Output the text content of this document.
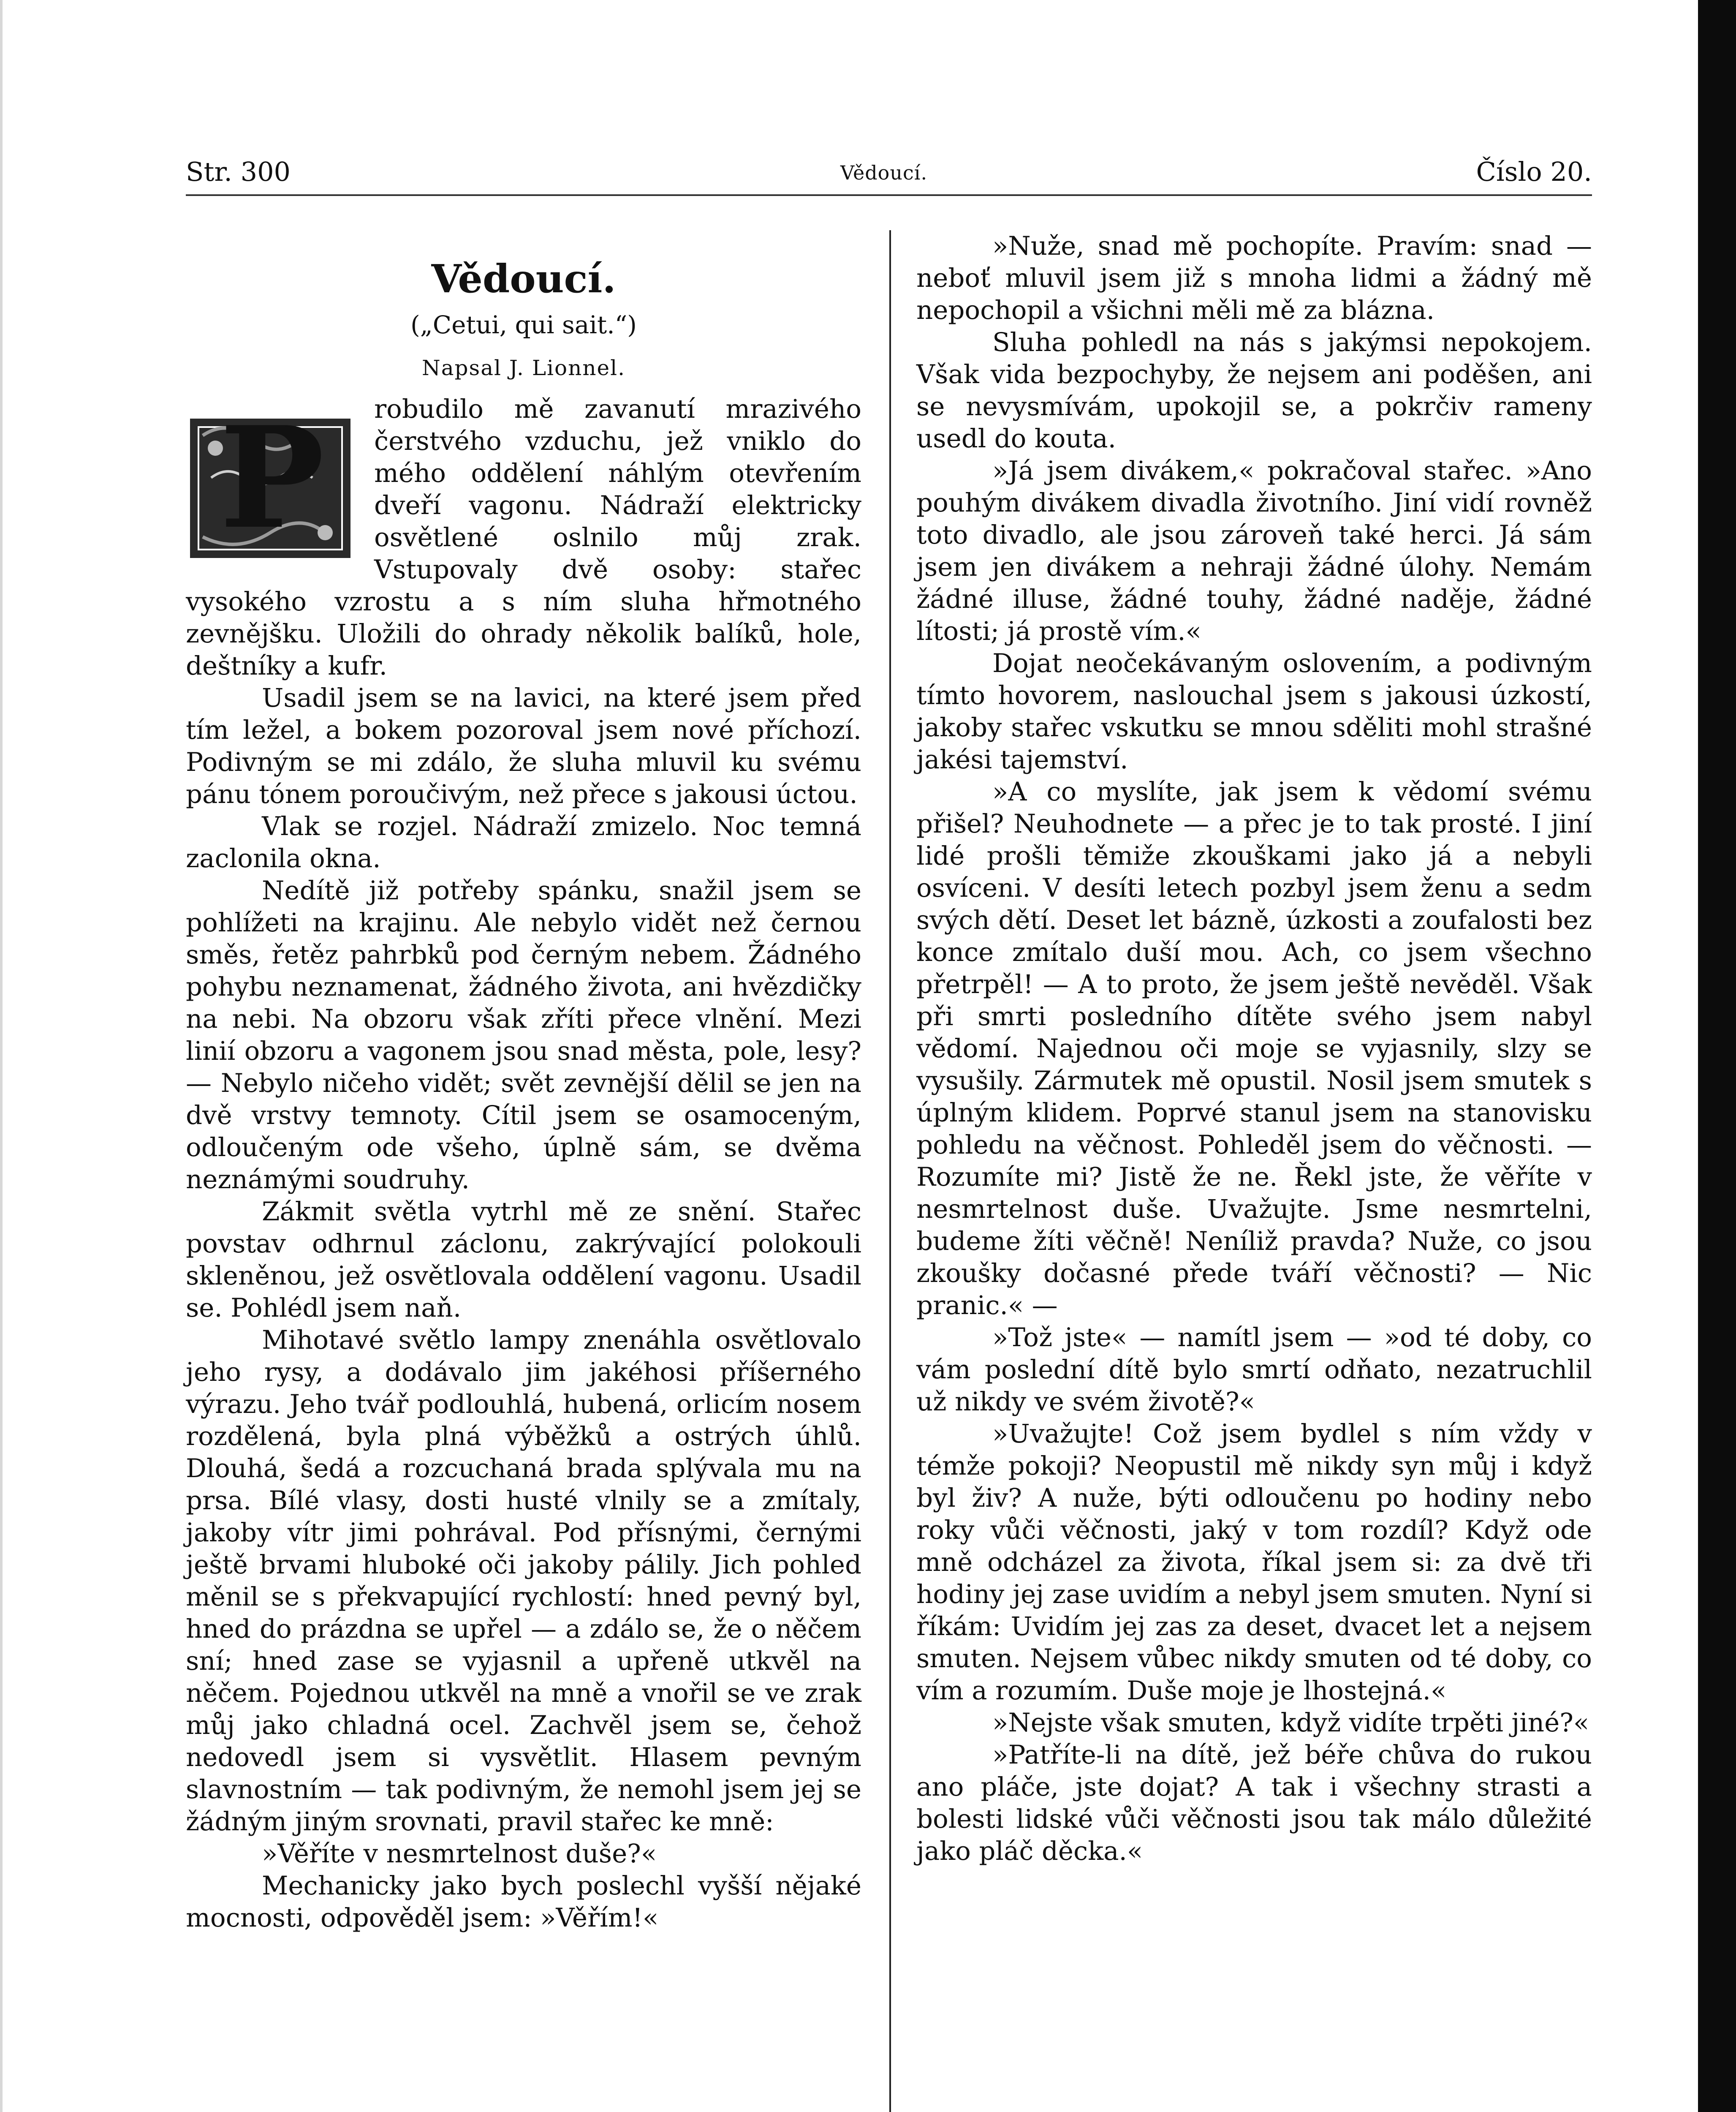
Str. 300	Vědoucí.	Číslo 20.
Vědoucí.
(„Cetui, qui sait.“)
Napsal J. Lionnel.

P robudilo mě zavanutí mrazivého čerstvého vzduchu, jež vniklo do mého oddělení náhlým otevřením dveří vagonu. Nádraží elektricky osvětlené oslnilo můj zrak. Vstupovaly dvě osoby: stařec vysokého vzrostu a s ním sluha hřmotného zevnějšku. Uložili do ohrady několik balíků, hole, deštníky a kufr.

Usadil jsem se na lavici, na které jsem před tím ležel, a bokem pozoroval jsem nové příchozí. Podivným se mi zdálo, že sluha mluvil ku svému pánu tónem poroučivým, než přece s jakousi úctou.

Vlak se rozjel. Nádraží zmizelo. Noc temná zaclonila okna.

Nedítě již potřeby spánku, snažil jsem se pohlížeti na krajinu. Ale nebylo vidět než černou směs, řetěz pahrbků pod černým nebem. Žádného pohybu neznamenat, žádného života, ani hvězdičky na nebi. Na obzoru však zříti přece vlnění. Mezi linií obzoru a vagonem jsou snad města, pole, lesy? — Nebylo ničeho vidět; svět zevnější dělil se jen na dvě vrstvy temnoty. Cítil jsem se osamoceným, odloučeným ode všeho, úplně sám, se dvěma neznámými soudruhy.

Zákmit světla vytrhl mě ze snění. Stařec povstav odhrnul záclonu, zakrývající polokouli skleněnou, jež osvětlovala oddělení vagonu. Usadil se. Pohlédl jsem naň.

Mihotavé světlo lampy znenáhla osvětlovalo jeho rysy, a dodávalo jim jakéhosi příšerného výrazu. Jeho tvář podlouhlá, hubená, orlicím nosem rozdělená, byla plná výběžků a ostrých úhlů. Dlouhá, šedá a rozcuchaná brada splývala mu na prsa. Bílé vlasy, dosti husté vlnily se a zmítaly, jakoby vítr jimi pohrával. Pod přísnými, černými ještě brvami hluboké oči jakoby pálily. Jich pohled měnil se s překvapující rychlostí: hned pevný byl, hned do prázdna se upřel — a zdálo se, že o něčem sní; hned zase se vyjasnil a upřeně utkvěl na něčem. Pojednou utkvěl na mně a vnořil se ve zrak můj jako chladná ocel. Zachvěl jsem se, čehož nedovedl jsem si vysvětlit. Hlasem pevným slavnostním — tak podivným, že nemohl jsem jej se žádným jiným srovnati, pravil stařec ke mně:

»Věříte v nesmrtelnost duše?«

Mechanicky jako bych poslechl vyšší nějaké mocnosti, odpověděl jsem: »Věřím!«

»Nuže, snad mě pochopíte. Pravím: snad — neboť mluvil jsem již s mnoha lidmi a žádný mě nepochopil a všichni měli mě za blázna.

Sluha pohledl na nás s jakýmsi nepokojem. Však vida bezpochyby, že nejsem ani poděšen, ani se nevysmívám, upokojil se, a pokrčiv rameny usedl do kouta.

»Já jsem divákem,« pokračoval stařec. »Ano pouhým divákem divadla životního. Jiní vidí rovněž toto divadlo, ale jsou zároveň také herci. Já sám jsem jen divákem a nehraji žádné úlohy. Nemám žádné illuse, žádné touhy, žádné naděje, žádné lítosti; já prostě vím.«

Dojat neočekávaným oslovením, a podivným tímto hovorem, naslouchal jsem s jakousi úzkostí, jakoby stařec vskutku se mnou sděliti mohl strašné jakési tajemství.

»A co myslíte, jak jsem k vědomí svému přišel? Neuhodnete — a přec je to tak prosté. I jiní lidé prošli těmiže zkouškami jako já a nebyli osvíceni. V desíti letech pozbyl jsem ženu a sedm svých dětí. Deset let bázně, úzkosti a zoufalosti bez konce zmítalo duší mou. Ach, co jsem všechno přetrpěl! — A to proto, že jsem ještě nevěděl. Však při smrti posledního dítěte svého jsem nabyl vědomí. Najednou oči moje se vyjasnily, slzy se vysušily. Zármutek mě opustil. Nosil jsem smutek s úplným klidem. Poprvé stanul jsem na stanovisku pohledu na věčnost. Pohleděl jsem do věčnosti. — Rozumíte mi? Jistě že ne. Řekl jste, že věříte v nesmrtelnost duše. Uvažujte. Jsme nesmrtelni, budeme žíti věčně! Neníliž pravda? Nuže, co jsou zkoušky dočasné přede tváří věčnosti? — Nic pranic.« —

»Tož jste« — namítl jsem — »od té doby, co vám poslední dítě bylo smrtí odňato, nezatruchlil už nikdy ve svém životě?«

»Uvažujte! Což jsem bydlel s ním vždy v témže pokoji? Neopustil mě nikdy syn můj i když byl živ? A nuže, býti odloučenu po hodiny nebo roky vůči věčnosti, jaký v tom rozdíl? Když ode mně odcházel za života, říkal jsem si: za dvě tři hodiny jej zase uvidím a nebyl jsem smuten. Nyní si říkám: Uvidím jej zas za deset, dvacet let a nejsem smuten. Nejsem vůbec nikdy smuten od té doby, co vím a rozumím. Duše moje je lhostejná.«

»Nejste však smuten, když vidíte trpěti jiné?«

»Patříte-li na dítě, jež béře chůva do rukou ano pláče, jste dojat? A tak i všechny strasti a bolesti lidské vůči věčnosti jsou tak málo důležité jako pláč děcka.«
